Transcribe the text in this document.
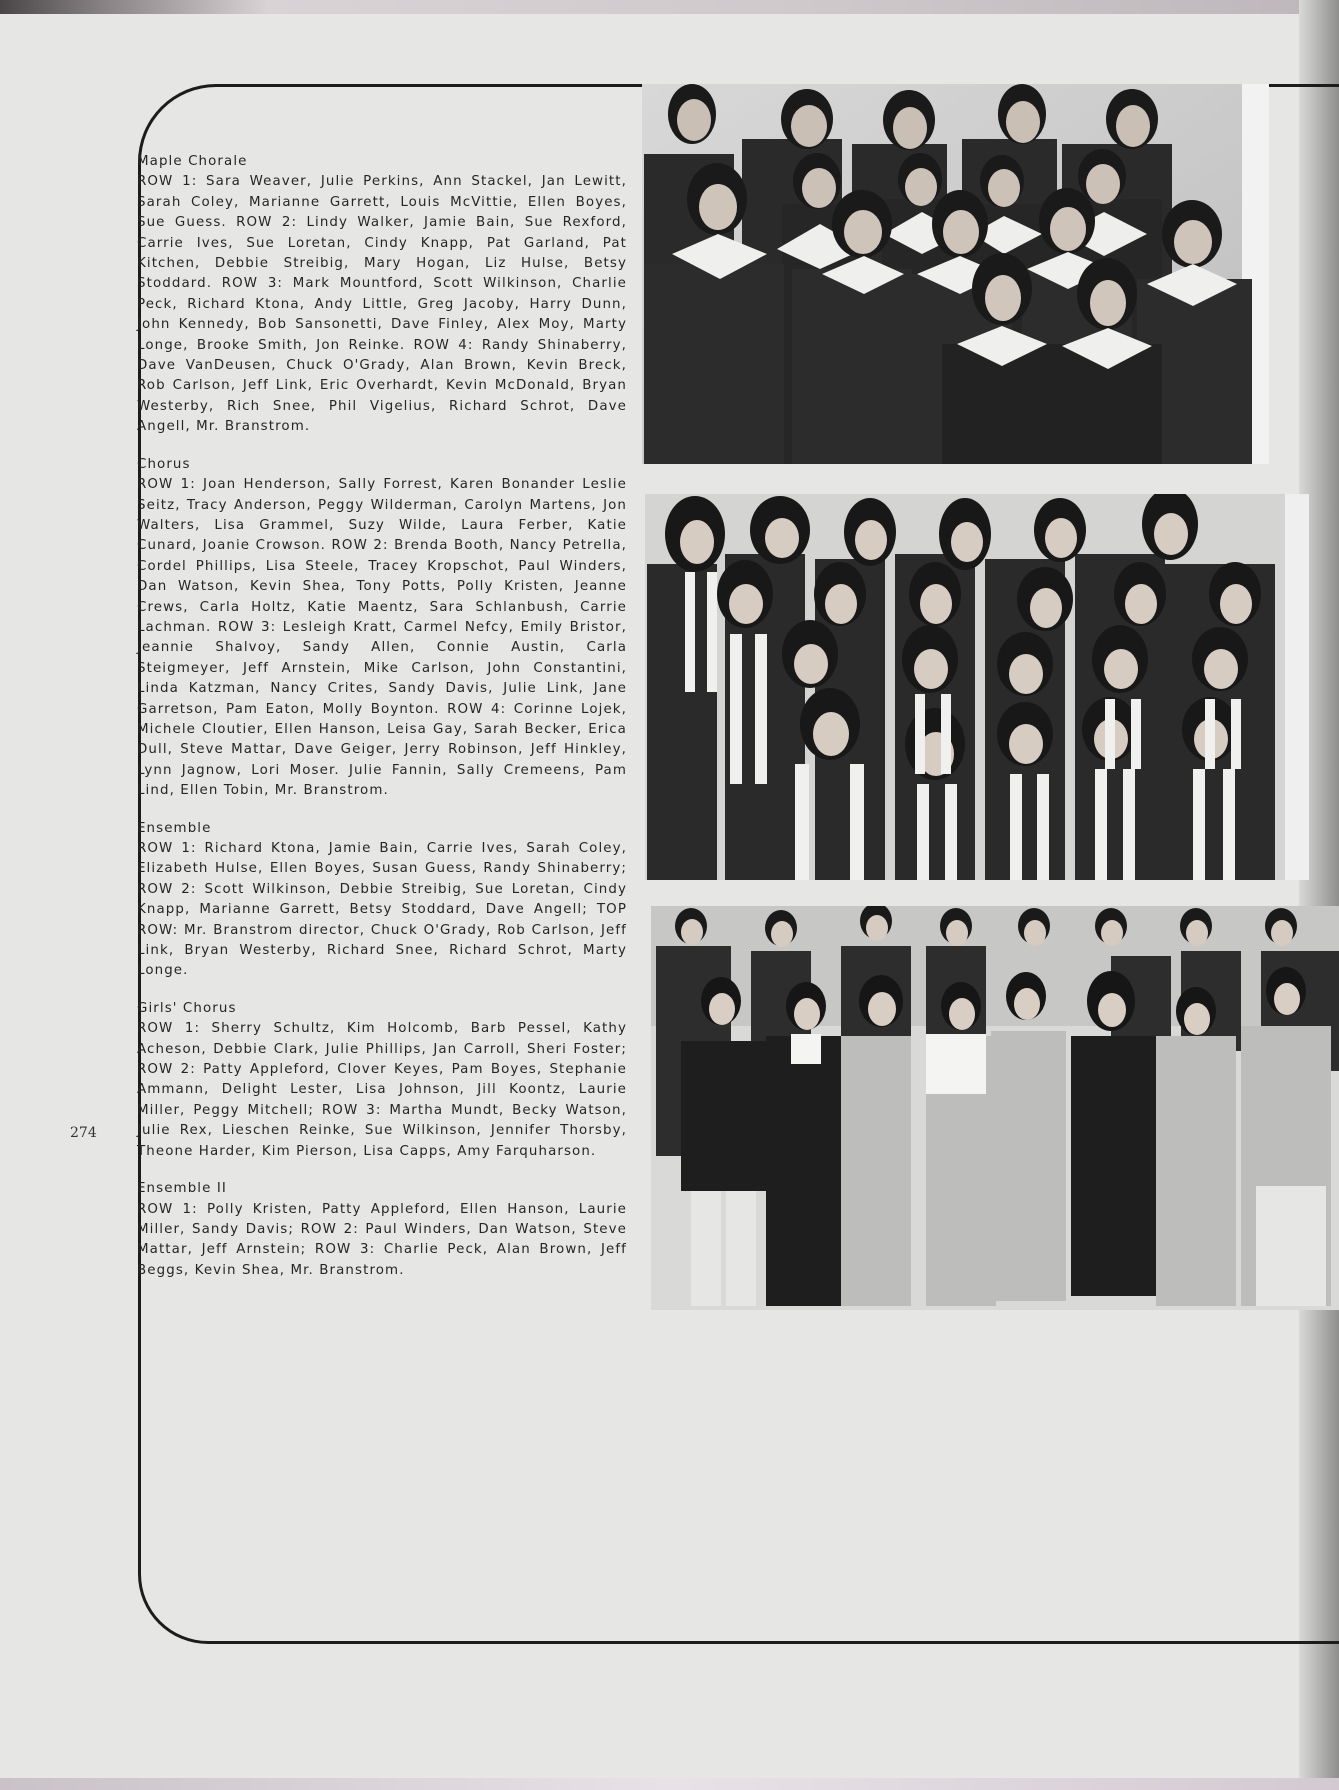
Maple Chorale

ROW 1: Sara Weaver, Julie Perkins, Ann Stackel, Jan Lewitt, Sarah Coley, Marianne Garrett, Louis McVittie, Ellen Boyes, Sue Guess. ROW 2: Lindy Walker, Jamie Bain, Sue Rexford, Carrie Ives, Sue Loretan, Cindy Knapp, Pat Garland, Pat Kitchen, Debbie Streibig, Mary Hogan, Liz Hulse, Betsy Stoddard. ROW 3: Mark Mountford, Scott Wilkinson, Charlie Peck, Richard Ktona, Andy Little, Greg Jacoby, Harry Dunn, John Kennedy, Bob Sansonetti, Dave Finley, Alex Moy, Marty Longe, Brooke Smith, Jon Reinke. ROW 4: Randy Shinaberry, Dave VanDeusen, Chuck O'Grady, Alan Brown, Kevin Breck, Rob Carlson, Jeff Link, Eric Overhardt, Kevin McDonald, Bryan Westerby, Rich Snee, Phil Vigelius, Richard Schrot, Dave Angell, Mr. Branstrom.

Chorus

ROW 1: Joan Henderson, Sally Forrest, Karen Bonander Leslie Seitz, Tracy Anderson, Peggy Wilderman, Carolyn Martens, Jon Walters, Lisa Grammel, Suzy Wilde, Laura Ferber, Katie Cunard, Joanie Crowson. ROW 2: Brenda Booth, Nancy Petrella, Cordel Phillips, Lisa Steele, Tracey Kropschot, Paul Winders, Dan Watson, Kevin Shea, Tony Potts, Polly Kristen, Jeanne Crews, Carla Holtz, Katie Maentz, Sara Schlanbush, Carrie Lachman. ROW 3: Lesleigh Kratt, Carmel Nefcy, Emily Bristor, Jeannie Shalvoy, Sandy Allen, Connie Austin, Carla Steigmeyer, Jeff Arnstein, Mike Carlson, John Constantini, Linda Katzman, Nancy Crites, Sandy Davis, Julie Link, Jane Garretson, Pam Eaton, Molly Boynton. ROW 4: Corinne Lojek, Michele Cloutier, Ellen Hanson, Leisa Gay, Sarah Becker, Erica Dull, Steve Mattar, Dave Geiger, Jerry Robinson, Jeff Hinkley, Lynn Jagnow, Lori Moser. Julie Fannin, Sally Cremeens, Pam Lind, Ellen Tobin, Mr. Branstrom.

Ensemble

ROW 1: Richard Ktona, Jamie Bain, Carrie Ives, Sarah Coley, Elizabeth Hulse, Ellen Boyes, Susan Guess, Randy Shinaberry; ROW 2: Scott Wilkinson, Debbie Streibig, Sue Loretan, Cindy Knapp, Marianne Garrett, Betsy Stoddard, Dave Angell; TOP ROW: Mr. Branstrom director, Chuck O'Grady, Rob Carlson, Jeff Link, Bryan Westerby, Richard Snee, Richard Schrot, Marty Longe.

Girls' Chorus

ROW 1: Sherry Schultz, Kim Holcomb, Barb Pessel, Kathy Acheson, Debbie Clark, Julie Phillips, Jan Carroll, Sheri Foster; ROW 2: Patty Appleford, Clover Keyes, Pam Boyes, Stephanie Ammann, Delight Lester, Lisa Johnson, Jill Koontz, Laurie Miller, Peggy Mitchell; ROW 3: Martha Mundt, Becky Watson, Julie Rex, Lieschen Reinke, Sue Wilkinson, Jennifer Thorsby, Theone Harder, Kim Pierson, Lisa Capps, Amy Farquharson.

Ensemble II

ROW 1: Polly Kristen, Patty Appleford, Ellen Hanson, Laurie Miller, Sandy Davis; ROW 2: Paul Winders, Dan Watson, Steve Mattar, Jeff Arnstein; ROW 3: Charlie Peck, Alan Brown, Jeff Beggs, Kevin Shea, Mr. Branstrom.

274
